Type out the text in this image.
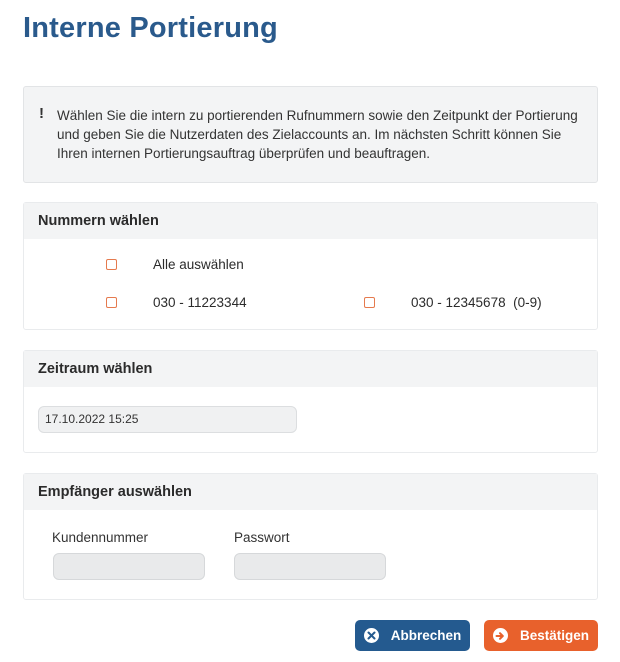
Interne Portierung
! Wählen Sie die intern zu portierenden Rufnummern sowie den Zeitpunkt der Portierung und geben Sie die Nutzerdaten des Zielaccounts an. Im nächsten Schritt können Sie Ihren internen Portierungsauftrag überprüfen und beauftragen.

Nummern wählen
Alle auswählen
030 - 11223344	030 - 12345678  (0-9)
Zeitraum wählen
17.10.2022 15:25
Empfänger auswählen
Kundennummer	Passwort
Abbrechen	Bestätigen
